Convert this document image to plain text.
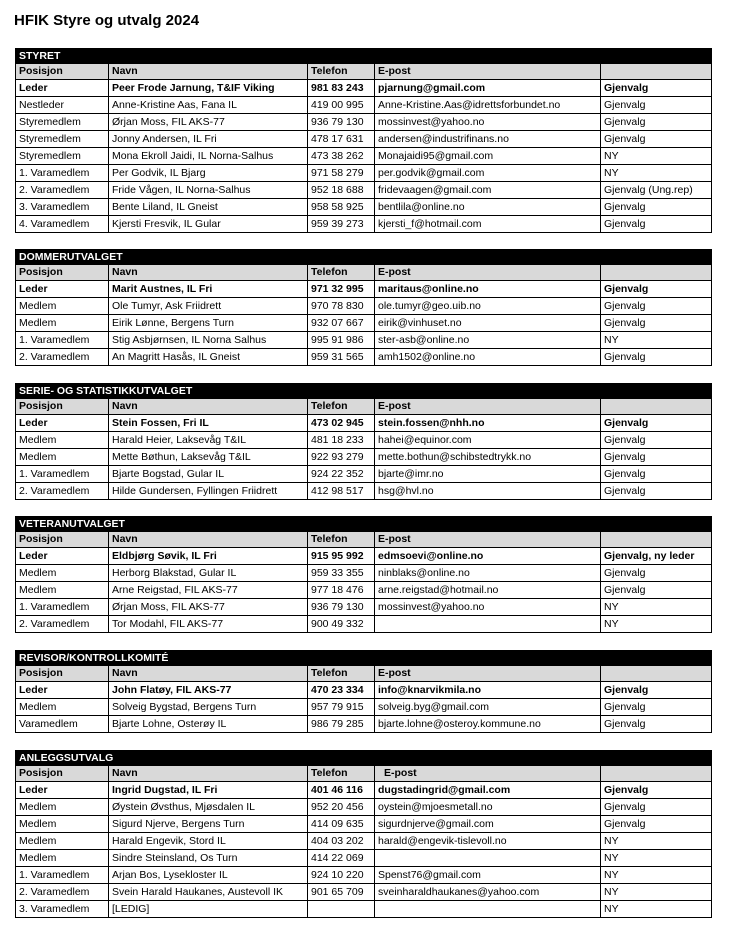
HFIK Styre og utvalg 2024
STYRET				
Posisjon	Navn	Telefon	E-post	
Leder	Peer Frode Jarnung, T&IF Viking	981 83 243	pjarnung@gmail.com	Gjenvalg
Nestleder	Anne-Kristine Aas, Fana IL	419 00 995	Anne-Kristine.Aas@idrettsforbundet.no	Gjenvalg
Styremedlem	Ørjan Moss, FIL AKS-77	936 79 130	mossinvest@yahoo.no	Gjenvalg
Styremedlem	Jonny Andersen, IL Fri	478 17 631	andersen@industrifinans.no	Gjenvalg
Styremedlem	Mona Ekroll Jaidi, IL Norna-Salhus	473 38 262	Monajaidi95@gmail.com	NY
1. Varamedlem	Per Godvik, IL Bjarg	971 58 279	per.godvik@gmail.com	NY
2. Varamedlem	Fride Vågen, IL Norna-Salhus	952 18 688	fridevaagen@gmail.com	Gjenvalg (Ung.rep)
3. Varamedlem	Bente Liland, IL Gneist	958 58 925	bentlila@online.no	Gjenvalg
4. Varamedlem	Kjersti Fresvik, IL Gular	959 39 273	kjersti_f@hotmail.com	Gjenvalg
DOMMERUTVALGET				
Posisjon	Navn	Telefon	E-post	
Leder	Marit Austnes, IL Fri	971 32 995	maritaus@online.no	Gjenvalg
Medlem	Ole Tumyr, Ask Friidrett	970 78 830	ole.tumyr@geo.uib.no	Gjenvalg
Medlem	Eirik Lønne, Bergens Turn	932 07 667	eirik@vinhuset.no	Gjenvalg
1. Varamedlem	Stig Asbjørnsen, IL Norna Salhus	995 91 986	ster-asb@online.no	NY
2. Varamedlem	An Magritt Hasås, IL Gneist	959 31 565	amh1502@online.no	Gjenvalg
SERIE- OG STATISTIKKUTVALGET				
Posisjon	Navn	Telefon	E-post	
Leder	Stein Fossen, Fri IL	473 02 945	stein.fossen@nhh.no	Gjenvalg
Medlem	Harald Heier, Laksevåg T&IL	481 18 233	hahei@equinor.com	Gjenvalg
Medlem	Mette Bøthun, Laksevåg T&IL	922 93 279	mette.bothun@schibstedtrykk.no	Gjenvalg
1. Varamedlem	Bjarte Bogstad, Gular IL	924 22 352	bjarte@imr.no	Gjenvalg
2. Varamedlem	Hilde Gundersen, Fyllingen Friidrett	412 98 517	hsg@hvl.no	Gjenvalg
VETERANUTVALGET				
Posisjon	Navn	Telefon	E-post	
Leder	Eldbjørg Søvik, IL Fri	915 95 992	edmsoevi@online.no	Gjenvalg, ny leder
Medlem	Herborg Blakstad, Gular IL	959 33 355	ninblaks@online.no	Gjenvalg
Medlem	Arne Reigstad, FIL AKS-77	977 18 476	arne.reigstad@hotmail.no	Gjenvalg
1. Varamedlem	Ørjan Moss, FIL AKS-77	936 79 130	mossinvest@yahoo.no	NY
2. Varamedlem	Tor Modahl, FIL AKS-77	900 49 332		NY
REVISOR/KONTROLLKOMITÉ				
Posisjon	Navn	Telefon	E-post	
Leder	John Flatøy, FIL AKS-77	470 23 334	info@knarvikmila.no	Gjenvalg
Medlem	Solveig Bygstad, Bergens Turn	957 79 915	solveig.byg@gmail.com	Gjenvalg
Varamedlem	Bjarte Lohne, Osterøy IL	986 79 285	bjarte.lohne@osteroy.kommune.no	Gjenvalg
ANLEGGSUTVALG				
Posisjon	Navn	Telefon	E-post	
Leder	Ingrid Dugstad, IL Fri	401 46 116	dugstadingrid@gmail.com	Gjenvalg
Medlem	Øystein Øvsthus, Mjøsdalen IL	952 20 456	oystein@mjoesmetall.no	Gjenvalg
Medlem	Sigurd Njerve, Bergens Turn	414 09 635	sigurdnjerve@gmail.com	Gjenvalg
Medlem	Harald Engevik, Stord IL	404 03 202	harald@engevik-tislevoll.no	NY
Medlem	Sindre Steinsland, Os Turn	414 22 069		NY
1. Varamedlem	Arjan Bos, Lysekloster IL	924 10 220	Spenst76@gmail.com	NY
2. Varamedlem	Svein Harald Haukanes, Austevoll IK	901 65 709	sveinharaldhaukanes@yahoo.com	NY
3. Varamedlem	[LEDIG]			NY
